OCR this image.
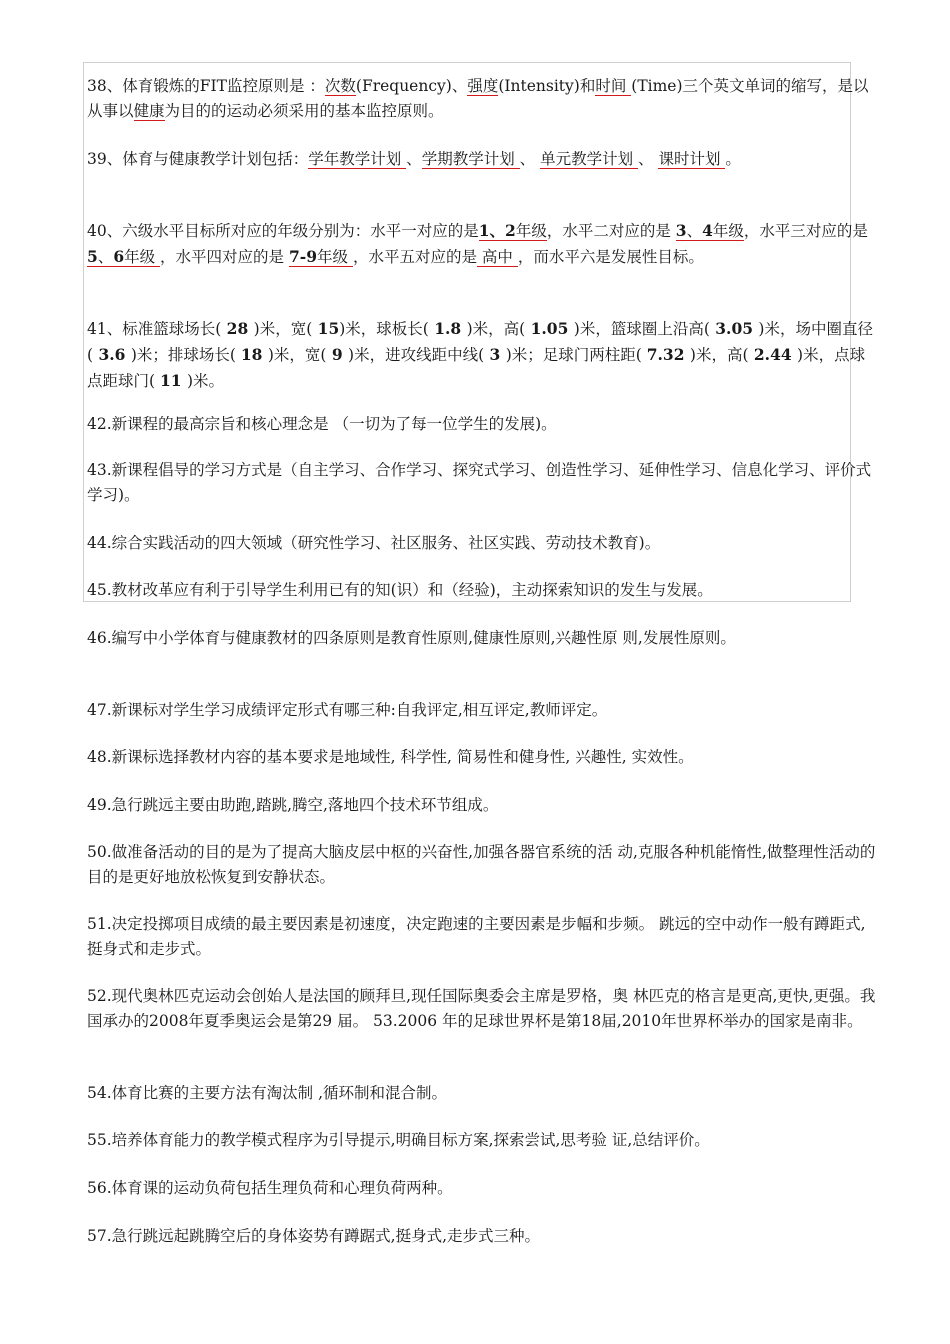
38、体育锻炼的FIT监控原则是 ：次数(Frequency)、强度(Intensity)和时间 (Time)三个英文单词的缩写，是以从事以健康为目的的运动必须采用的基本监控原则。

39、体育与健康教学计划包括：学年教学计划 、学期教学计划 、 单元教学计划 、 课时计划 。

40、六级水平目标所对应的年级分别为：水平一对应的是1、2年级，水平二对应的是 3、4年级，水平三对应的是 5、6年级 ，水平四对应的是 7-9年级 ，水平五对应的是 高中 ，而水平六是发展性目标。

41、标准篮球场长( 28 )米，宽( 15)米，球板长( 1.8 )米，高( 1.05 )米，篮球圈上沿高( 3.05 )米，场中圈直径( 3.6 )米；排球场长( 18 )米，宽( 9 )米，进攻线距中线( 3 )米；足球门两柱距( 7.32 )米，高( 2.44 )米，点球点距球门( 11 )米。

42.新课程的最高宗旨和核心理念是 （一切为了每一位学生的发展)。

43.新课程倡导的学习方式是（自主学习、合作学习、探究式学习、创造性学习、延伸性学习、信息化学习、评价式学习)。

44.综合实践活动的四大领域（研究性学习、社区服务、社区实践、劳动技术教育)。

45.教材改革应有利于引导学生利用已有的知(识）和（经验)，主动探索知识的发生与发展。

46.编写中小学体育与健康教材的四条原则是教育性原则,健康性原则,兴趣性原 则,发展性原则。

47.新课标对学生学习成绩评定形式有哪三种:自我评定,相互评定,教师评定。

48.新课标选择教材内容的基本要求是地域性, 科学性, 简易性和健身性, 兴趣性, 实效性。

49.急行跳远主要由助跑,踏跳,腾空,落地四个技术环节组成。

50.做准备活动的目的是为了提高大脑皮层中枢的兴奋性,加强各器官系统的活 动,克服各种机能惰性,做整理性活动的目的是更好地放松恢复到安静状态。

51.决定投掷项目成绩的最主要因素是初速度，决定跑速的主要因素是步幅和步频。 跳远的空中动作一般有蹲距式,挺身式和走步式。

52.现代奥林匹克运动会创始人是法国的顾拜旦,现任国际奥委会主席是罗格，奥 林匹克的格言是更高,更快,更强。我国承办的2008年夏季奥运会是第29 届。 53.2006 年的足球世界杯是第18届,2010年世界杯举办的国家是南非。

54.体育比赛的主要方法有淘汰制 ,循环制和混合制。

55.培养体育能力的教学模式程序为引导提示,明确目标方案,探索尝试,思考验 证,总结评价。

56.体育课的运动负荷包括生理负荷和心理负荷两种。

57.急行跳远起跳腾空后的身体姿势有蹲踞式,挺身式,走步式三种。
